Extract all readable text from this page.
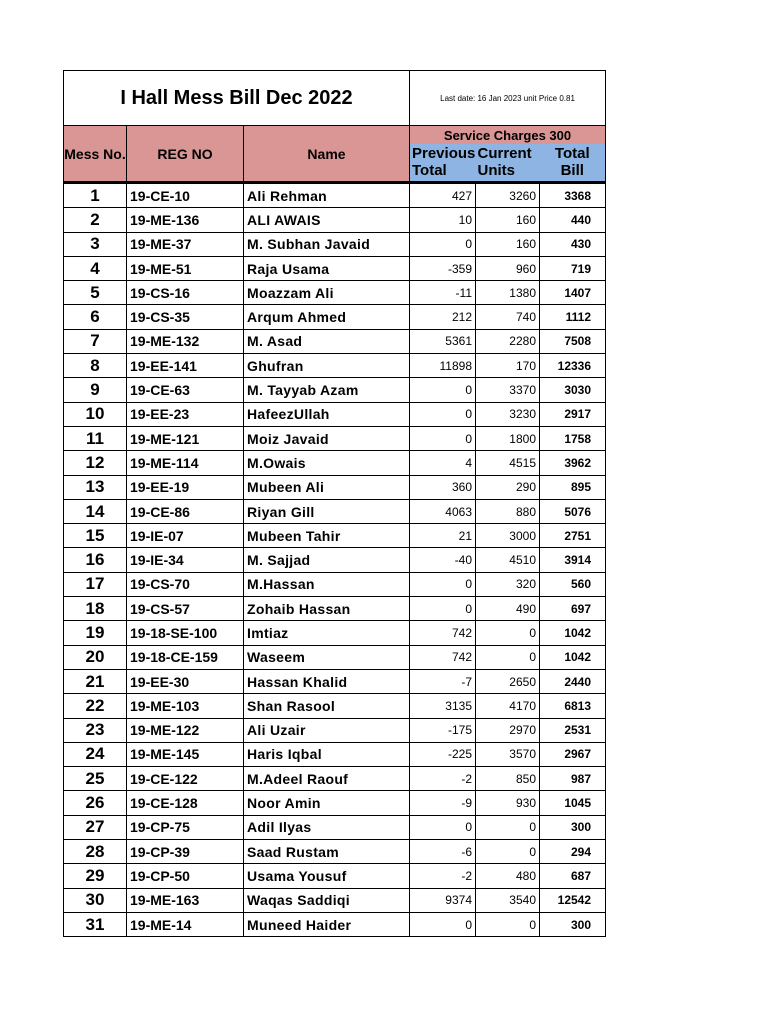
I Hall Mess Bill Dec 2022			Last date: 16 Jan 2023 unit Price 0.81		
Mess No.	REG NO	Name	Service Charges 300		
			Previous Total	Current Units	Total Bill
1	19-CE-10	Ali Rehman	427	3260	3368
2	19-ME-136	ALI AWAIS	10	160	440
3	19-ME-37	M. Subhan Javaid	0	160	430
4	19-ME-51	Raja Usama	-359	960	719
5	19-CS-16	Moazzam Ali	-11	1380	1407
6	19-CS-35	Arqum Ahmed	212	740	1112
7	19-ME-132	M. Asad	5361	2280	7508
8	19-EE-141	Ghufran	11898	170	12336
9	19-CE-63	M. Tayyab Azam	0	3370	3030
10	19-EE-23	HafeezUllah	0	3230	2917
11	19-ME-121	Moiz Javaid	0	1800	1758
12	19-ME-114	M.Owais	4	4515	3962
13	19-EE-19	Mubeen Ali	360	290	895
14	19-CE-86	Riyan Gill	4063	880	5076
15	19-IE-07	Mubeen Tahir	21	3000	2751
16	19-IE-34	M. Sajjad	-40	4510	3914
17	19-CS-70	M.Hassan	0	320	560
18	19-CS-57	Zohaib Hassan	0	490	697
19	19-18-SE-100	Imtiaz	742	0	1042
20	19-18-CE-159	Waseem	742	0	1042
21	19-EE-30	Hassan Khalid	-7	2650	2440
22	19-ME-103	Shan Rasool	3135	4170	6813
23	19-ME-122	Ali Uzair	-175	2970	2531
24	19-ME-145	Haris Iqbal	-225	3570	2967
25	19-CE-122	M.Adeel Raouf	-2	850	987
26	19-CE-128	Noor Amin	-9	930	1045
27	19-CP-75	Adil Ilyas	0	0	300
28	19-CP-39	Saad Rustam	-6	0	294
29	19-CP-50	Usama Yousuf	-2	480	687
30	19-ME-163	Waqas Saddiqi	9374	3540	12542
31	19-ME-14	Muneed Haider	0	0	300
